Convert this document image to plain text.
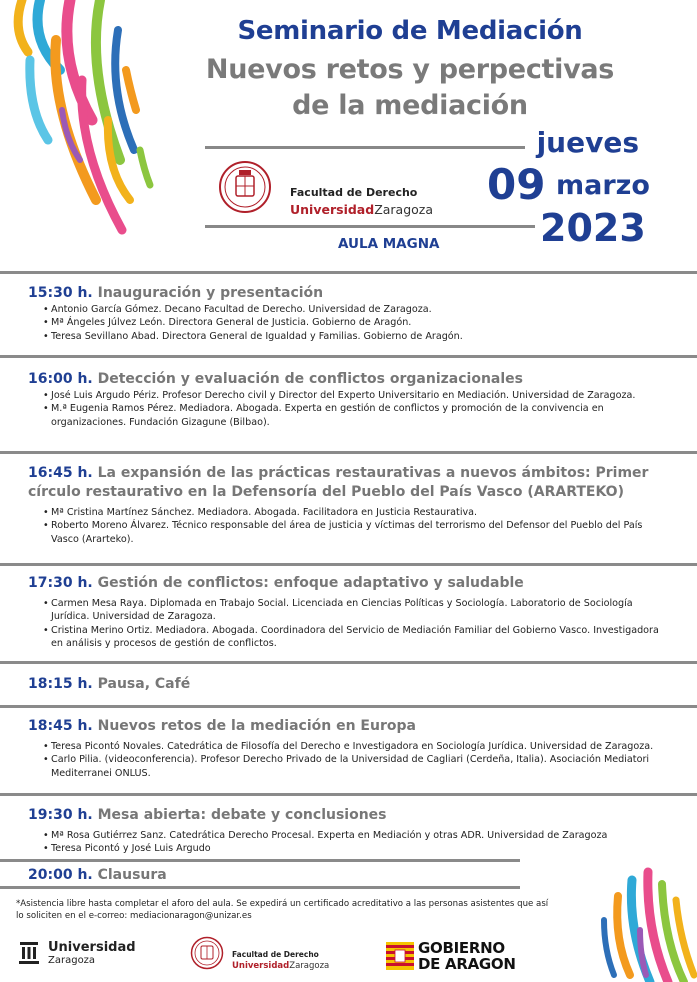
Seminario de Mediación
Nuevos retos y perpectivas
de la mediación
jueves
09 marzo
2023
Facultad de Derecho
UniversidadZaragoza
AULA MAGNA
15:30 h. Inauguración y presentación
• Antonio García Gómez. Decano Facultad de Derecho. Universidad de Zaragoza.
• Mª Ángeles Júlvez León. Directora General de Justicia. Gobierno de Aragón.
• Teresa Sevillano Abad. Directora General de Igualdad y Familias. Gobierno de Aragón.
16:00 h. Detección y evaluación de conflictos organizacionales
• José Luis Argudo Périz. Profesor Derecho civil y Director del Experto Universitario en Mediación. Universidad de Zaragoza.
• M.ª Eugenia Ramos Pérez. Mediadora. Abogada. Experta en gestión de conflictos y promoción de la convivencia en organizaciones. Fundación Gizagune (Bilbao).
16:45 h. La expansión de las prácticas restaurativas a nuevos ámbitos: Primer círculo restaurativo en la Defensoría del Pueblo del País Vasco (ARARTEKO)
• Mª Cristina Martínez Sánchez. Mediadora. Abogada. Facilitadora en Justicia Restaurativa.
• Roberto Moreno Álvarez. Técnico responsable del área de justicia y víctimas del terrorismo del Defensor del Pueblo del País Vasco (Ararteko).
17:30 h. Gestión de conflictos: enfoque adaptativo y saludable
• Carmen Mesa Raya. Diplomada en Trabajo Social. Licenciada en Ciencias Políticas y Sociología. Laboratorio de Sociología Jurídica. Universidad de Zaragoza.
• Cristina Merino Ortiz. Mediadora. Abogada. Coordinadora del Servicio de Mediación Familiar del Gobierno Vasco. Investigadora en análisis y procesos de gestión de conflictos.
18:15 h. Pausa, Café
18:45 h. Nuevos retos de la mediación en Europa
• Teresa Picontó Novales. Catedrática de Filosofía del Derecho e Investigadora en Sociología Jurídica. Universidad de Zaragoza.
• Carlo Pilia. (videoconferencia). Profesor Derecho Privado de la Universidad de Cagliari (Cerdeña, Italia). Asociación Mediatori Mediterranei ONLUS.
19:30 h. Mesa abierta: debate y conclusiones
• Mª Rosa Gutiérrez Sanz. Catedrática Derecho Procesal. Experta en Mediación y otras ADR. Universidad de Zaragoza
• Teresa Picontó y José Luis Argudo
20:00 h. Clausura
*Asistencia libre hasta completar el aforo del aula. Se expedirá un certificado acreditativo a las personas asistentes que así lo soliciten en el e-correo: mediacionaragon@unizar.es
Universidad
Zaragoza
Facultad de Derecho
UniversidadZaragoza
GOBIERNO
DE ARAGON
